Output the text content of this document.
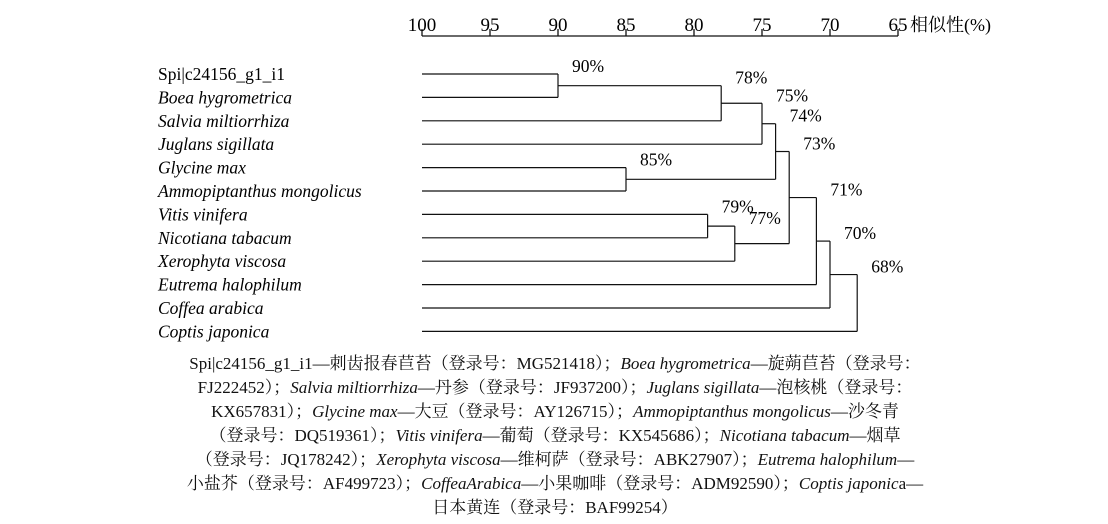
100 95	90	85	80	75	70	65 相似性(%)
Spi|c24156_g1_i1
Boea hygrometrica
Salvia miltiorrhiza
Juglans sigillata
Glycine max
Ammopiptanthus mongolicus
Vitis vinifera
Nicotiana tabacum
Xerophyta viscosa
Eutrema halophilum
Coffea arabica
Coptis japonica
90%
78%
75%
85%
74%
79%
77%
73%
71%
70%
68%
Spi|c24156_g1_i1—刺齿报春苣苔（登录号：MG521418）；Boea hygrometrica—旋蒴苣苔（登录号：
FJ222452）；Salvia miltiorrhiza—丹参（登录号：JF937200）；Juglans sigillata—泡核桃（登录号：
KX657831）；Glycine max—大豆（登录号：AY126715）；Ammopiptanthus mongolicus—沙冬青
（登录号：DQ519361）；Vitis vinifera—葡萄（登录号：KX545686）；Nicotiana tabacum—烟草
（登录号：JQ178242）；Xerophyta viscosa—维柯萨（登录号：ABK27907）；Eutrema halophilum—
小盐芥（登录号：AF499723）；CoffeaArabica—小果咖啡（登录号：ADM92590）；Coptis japonica—
日本黄连（登录号：BAF99254）
